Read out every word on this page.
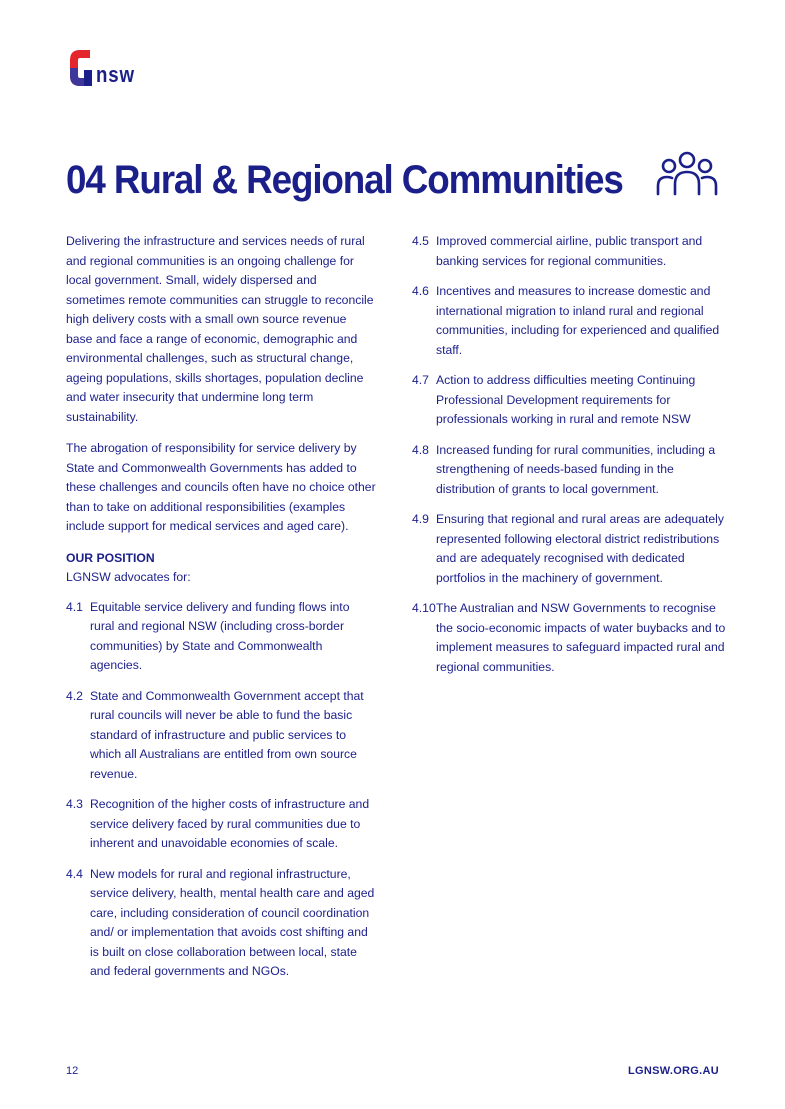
nsw
04 Rural & Regional Communities

Delivering the infrastructure and services needs of rural and regional communities is an ongoing challenge for local government. Small, widely dispersed and sometimes remote communities can struggle to reconcile high delivery costs with a small own source revenue base and face a range of economic, demographic and environmental challenges, such as structural change, ageing populations, skills shortages, population decline and water insecurity that undermine long term sustainability.

The abrogation of responsibility for service delivery by State and Commonwealth Governments has added to these challenges and councils often have no choice other than to take on additional responsibilities (examples include support for medical services and aged care).

OUR POSITION

LGNSW advocates for:

4.1 Equitable service delivery and funding flows into rural and regional NSW (including cross-border communities) by State and Commonwealth agencies.
4.2 State and Commonwealth Government accept that rural councils will never be able to fund the basic standard of infrastructure and public services to which all Australians are entitled from own source revenue.
4.3 Recognition of the higher costs of infrastructure and service delivery faced by rural communities due to inherent and unavoidable economies of scale.
4.4 New models for rural and regional infrastructure, service delivery, health, mental health care and aged care, including consideration of council coordination and/ or implementation that avoids cost shifting and is built on close collaboration between local, state and federal governments and NGOs.
4.5 Improved commercial airline, public transport and banking services for regional communities.
4.6 Incentives and measures to increase domestic and international migration to inland rural and regional communities, including for experienced and qualified staff.
4.7 Action to address difficulties meeting Continuing Professional Development requirements for professionals working in rural and remote NSW
4.8 Increased funding for rural communities, including a strengthening of needs-based funding in the distribution of grants to local government.
4.9 Ensuring that regional and rural areas are adequately represented following electoral district redistributions and are adequately recognised with dedicated portfolios in the machinery of government.
4.10 The Australian and NSW Governments to recognise the socio-economic impacts of water buybacks and to implement measures to safeguard impacted rural and regional communities.
12	LGNSW.ORG.AU
